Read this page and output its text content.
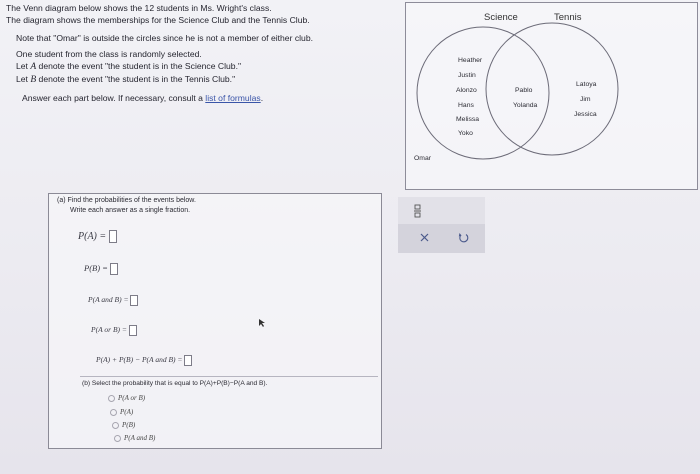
The Venn diagram below shows the 12 students in Ms. Wright's class.
The diagram shows the memberships for the Science Club and the Tennis Club.
Note that "Omar" is outside the circles since he is not a member of either club.
One student from the class is randomly selected.
Let A denote the event "the student is in the Science Club."
Let B denote the event "the student is in the Tennis Club."
Answer each part below. If necessary, consult a list of formulas.
Science	Tennis
Heather
Justin
Alonzo
Hans
Melissa
Yoko
Pablo
Yolanda
Latoya
Jim
Jessica
Omar
(a) Find the probabilities of the events below.
Write each answer as a single fraction.
P(A) =
P(B) =
P(A and B) =
P(A or B) =
P(A) + P(B) − P(A and B) =
(b) Select the probability that is equal to P(A)+P(B)−P(A and B).
P(A or B)
P(A)
P(B)
P(A and B)
